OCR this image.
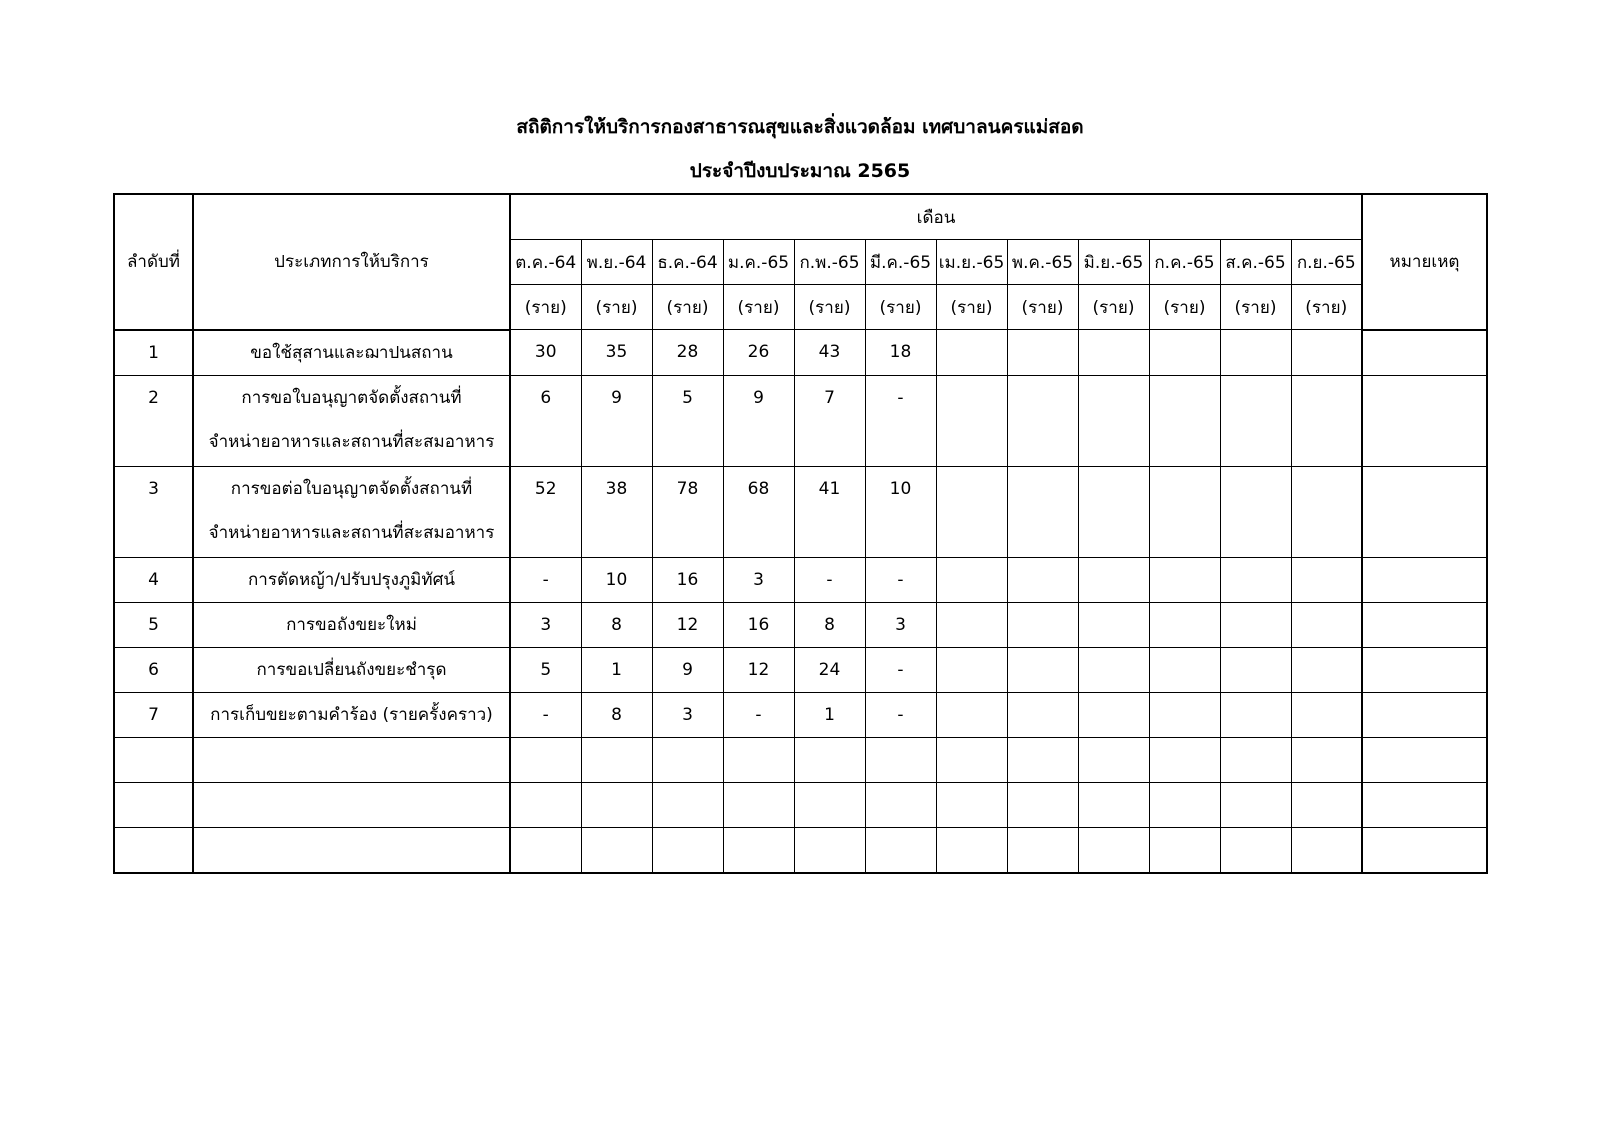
สถิติการให้บริการกองสาธารณสุขและสิ่งแวดล้อม เทศบาลนครแม่สอด
ประจำปีงบประมาณ 2565
ลำดับที่	ประเภทการให้บริการ	เดือน												หมายเหตุ
		ต.ค.-64	พ.ย.-64	ธ.ค.-64	ม.ค.-65	ก.พ.-65	มี.ค.-65	เม.ย.-65	พ.ค.-65	มิ.ย.-65	ก.ค.-65	ส.ค.-65	ก.ย.-65	
		(ราย)	(ราย)	(ราย)	(ราย)	(ราย)	(ราย)	(ราย)	(ราย)	(ราย)	(ราย)	(ราย)	(ราย)	
1	ขอใช้สุสานและฌาปนสถาน	30	35	28	26	43	18							
2	การขอใบอนุญาตจัดตั้งสถานที่
จำหน่ายอาหารและสถานที่สะสมอาหาร	6	9	5	9	7	-							
3	การขอต่อใบอนุญาตจัดตั้งสถานที่
จำหน่ายอาหารและสถานที่สะสมอาหาร	52	38	78	68	41	10							
4	การตัดหญ้า/ปรับปรุงภูมิทัศน์	-	10	16	3	-	-							
5	การขอถังขยะใหม่	3	8	12	16	8	3							
6	การขอเปลี่ยนถังขยะชำรุด	5	1	9	12	24	-							
7	การเก็บขยะตามคำร้อง (รายครั้งคราว)	-	8	3	-	1	-							
